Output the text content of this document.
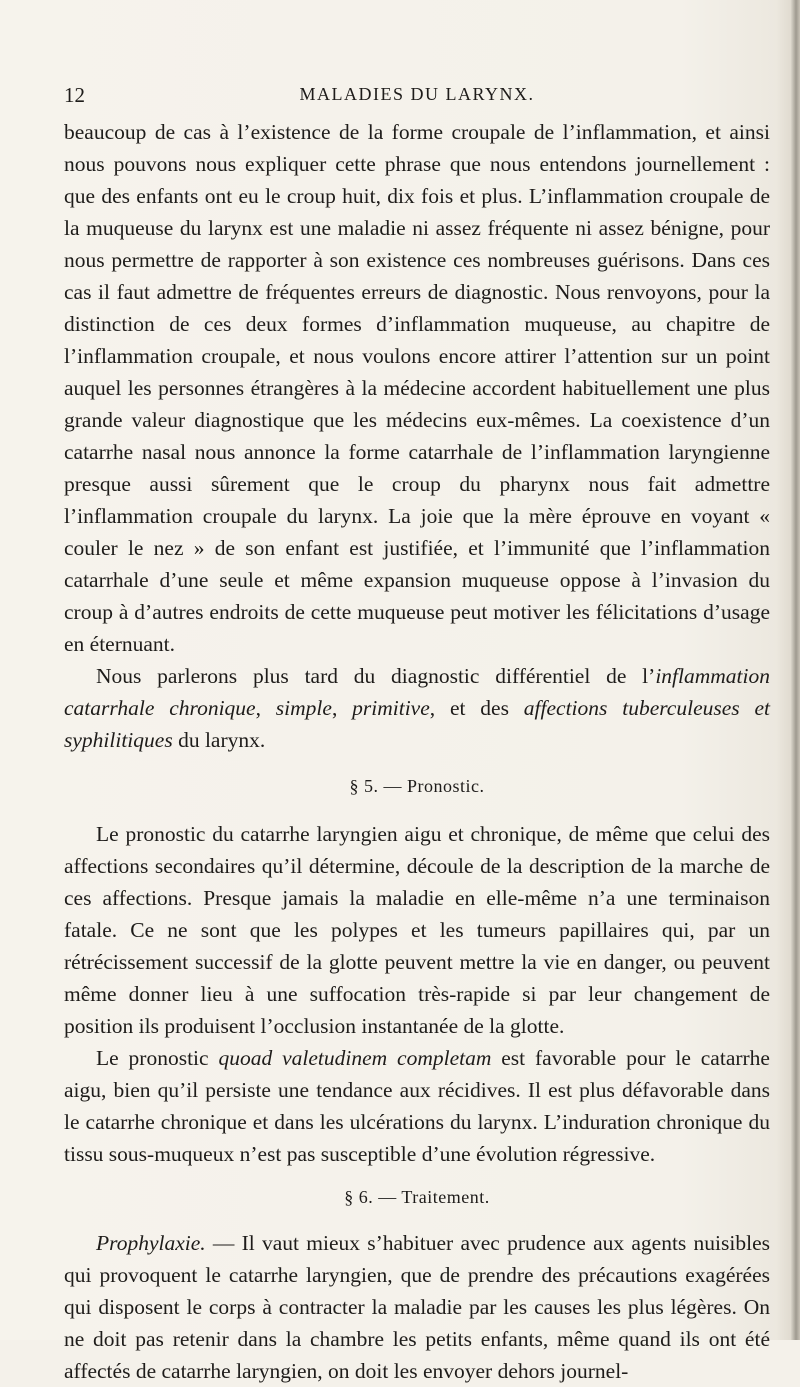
12	MALADIES DU LARYNX.

beaucoup de cas à l’existence de la forme croupale de l’inflammation, et ainsi nous pouvons nous expliquer cette phrase que nous entendons journellement : que des enfants ont eu le croup huit, dix fois et plus. L’inflammation croupale de la muqueuse du larynx est une maladie ni assez fréquente ni assez bénigne, pour nous permettre de rapporter à son existence ces nombreuses guérisons. Dans ces cas il faut admettre de fréquentes erreurs de diagnostic. Nous renvoyons, pour la distinction de ces deux formes d’inflammation muqueuse, au chapitre de l’inflammation croupale, et nous voulons encore attirer l’attention sur un point auquel les personnes étrangères à la médecine accordent habituellement une plus grande valeur diagnostique que les médecins eux-mêmes. La coexistence d’un catarrhe nasal nous annonce la forme catarrhale de l’inflammation laryngienne presque aussi sûrement que le croup du pharynx nous fait admettre l’inflammation croupale du larynx. La joie que la mère éprouve en voyant « couler le nez » de son enfant est justifiée, et l’immunité que l’inflammation catarrhale d’une seule et même expansion muqueuse oppose à l’invasion du croup à d’autres endroits de cette muqueuse peut motiver les félicitations d’usage en éternuant.

Nous parlerons plus tard du diagnostic différentiel de l’inflammation catarrhale chronique, simple, primitive, et des affections tuberculeuses et syphilitiques du larynx.

§ 5. — Pronostic.

Le pronostic du catarrhe laryngien aigu et chronique, de même que celui des affections secondaires qu’il détermine, découle de la description de la marche de ces affections. Presque jamais la maladie en elle-même n’a une terminaison fatale. Ce ne sont que les polypes et les tumeurs papillaires qui, par un rétrécissement successif de la glotte peuvent mettre la vie en danger, ou peuvent même donner lieu à une suffocation très-rapide si par leur changement de position ils produisent l’occlusion instantanée de la glotte.

Le pronostic quoad valetudinem completam est favorable pour le catarrhe aigu, bien qu’il persiste une tendance aux récidives. Il est plus défavorable dans le catarrhe chronique et dans les ulcérations du larynx. L’induration chronique du tissu sous-muqueux n’est pas susceptible d’une évolution régressive.

§ 6. — Traitement.

Prophylaxie. — Il vaut mieux s’habituer avec prudence aux agents nuisibles qui provoquent le catarrhe laryngien, que de prendre des précautions exagérées qui disposent le corps à contracter la maladie par les causes les plus légères. On ne doit pas retenir dans la chambre les petits enfants, même quand ils ont été affectés de catarrhe laryngien, on doit les envoyer dehors journel-
